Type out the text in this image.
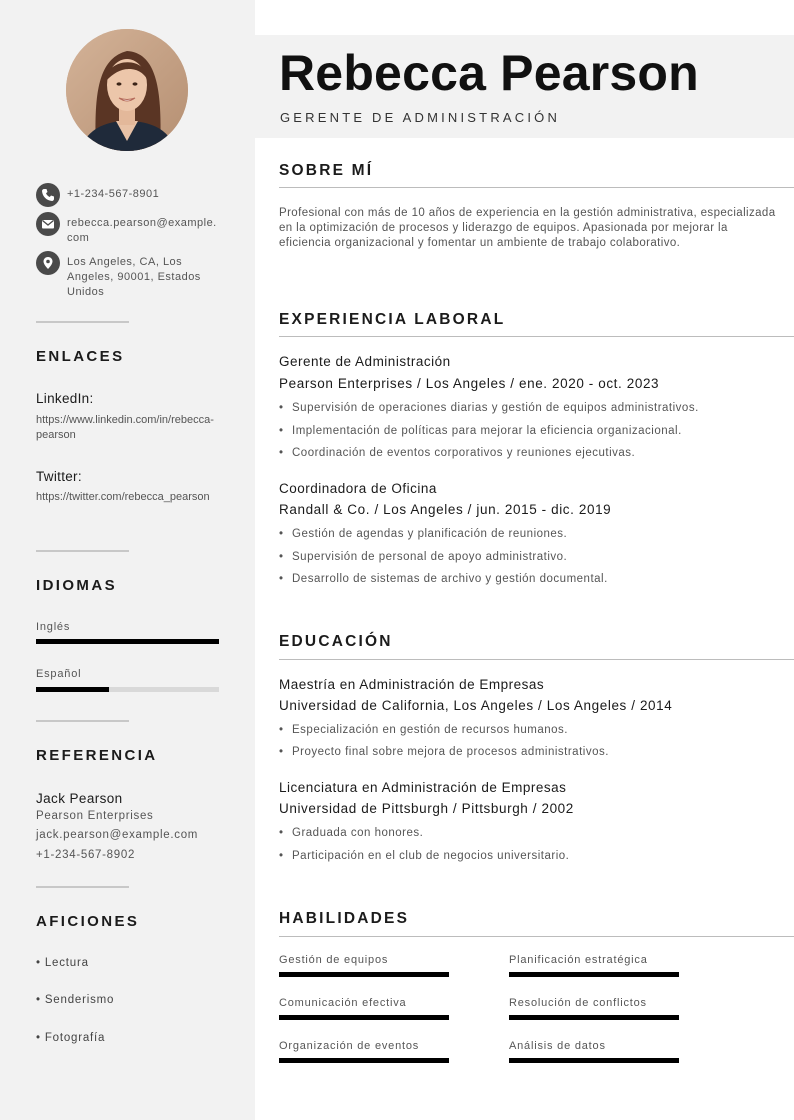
+1-234-567-8901
rebecca.pearson@example.com
Los Angeles, CA, Los Angeles, 90001, Estados Unidos
ENLACES
LinkedIn:
https://www.linkedin.com/in/rebecca-pearson
Twitter:
https://twitter.com/rebecca_pearson
IDIOMAS
Inglés
Español
REFERENCIA
Jack Pearson
Pearson Enterprises
jack.pearson@example.com
+1-234-567-8902
AFICIONES
• Lectura
• Senderismo
• Fotografía
Rebecca Pearson
GERENTE DE ADMINISTRACIÓN
SOBRE MÍ
Profesional con más de 10 años de experiencia en la gestión administrativa, especializada en la optimización de procesos y liderazgo de equipos. Apasionada por mejorar la eficiencia organizacional y fomentar un ambiente de trabajo colaborativo.
EXPERIENCIA LABORAL
Gerente de Administración
Pearson Enterprises / Los Angeles / ene. 2020 - oct. 2023
• Supervisión de operaciones diarias y gestión de equipos administrativos.
• Implementación de políticas para mejorar la eficiencia organizacional.
• Coordinación de eventos corporativos y reuniones ejecutivas.
Coordinadora de Oficina
Randall & Co. / Los Angeles / jun. 2015 - dic. 2019
• Gestión de agendas y planificación de reuniones.
• Supervisión de personal de apoyo administrativo.
• Desarrollo de sistemas de archivo y gestión documental.
EDUCACIÓN
Maestría en Administración de Empresas
Universidad de California, Los Angeles / Los Angeles / 2014
• Especialización en gestión de recursos humanos.
• Proyecto final sobre mejora de procesos administrativos.
Licenciatura en Administración de Empresas
Universidad de Pittsburgh / Pittsburgh / 2002
• Graduada con honores.
• Participación en el club de negocios universitario.
HABILIDADES
Gestión de equipos	Planificación estratégica
Comunicación efectiva	Resolución de conflictos
Organización de eventos	Análisis de datos
